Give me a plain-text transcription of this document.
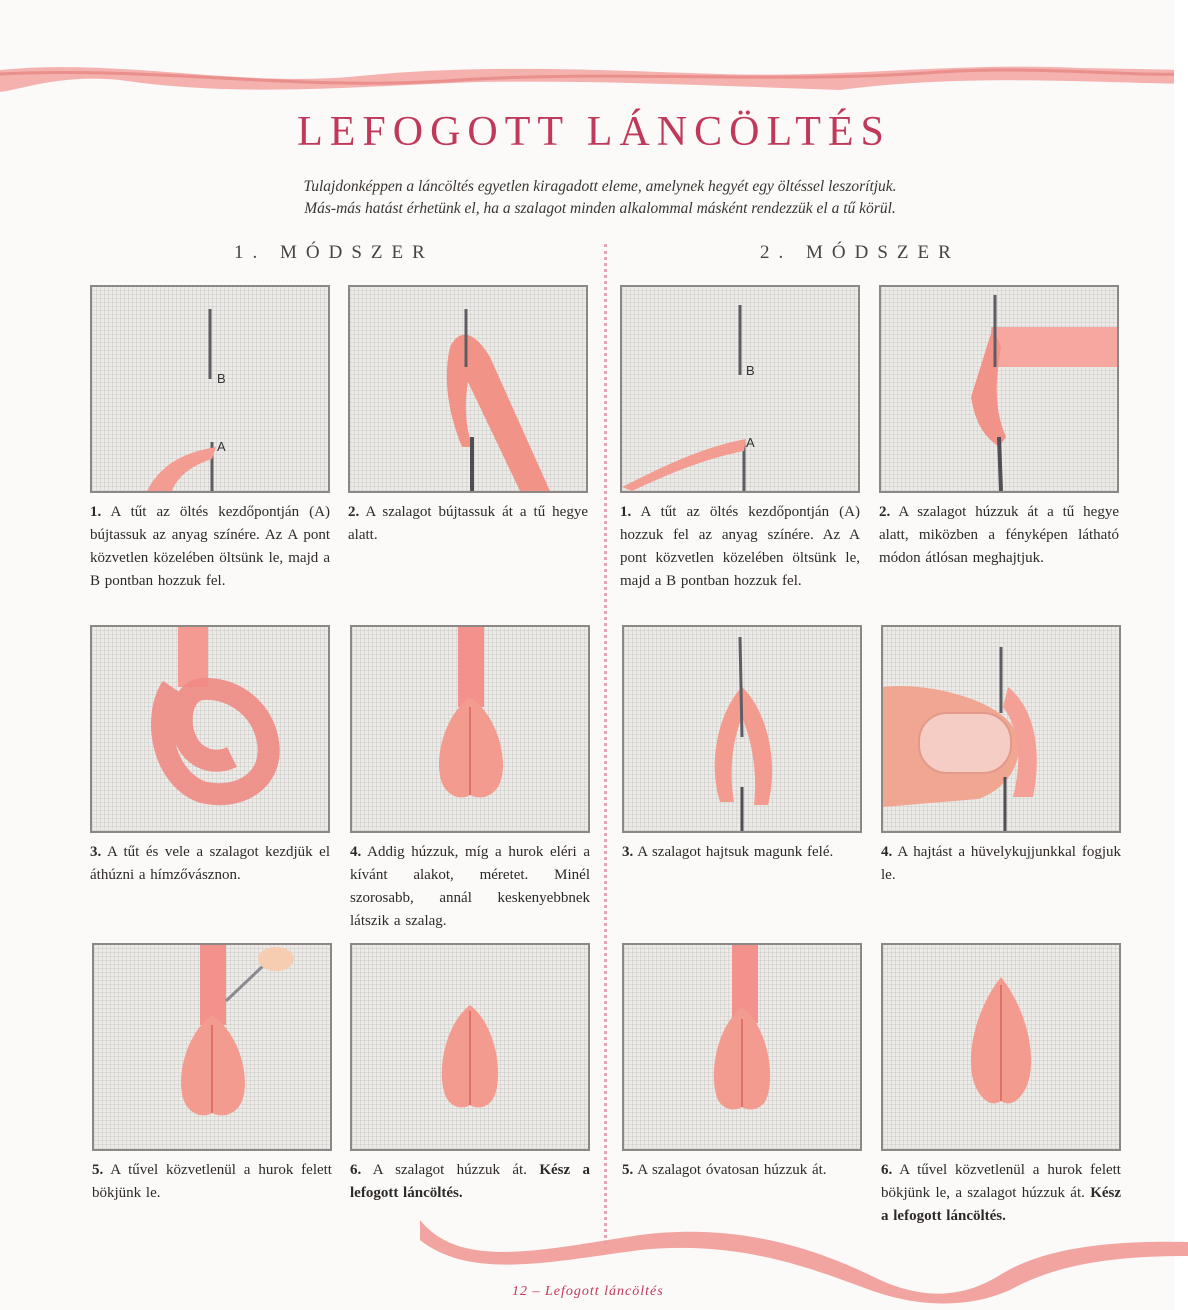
LEFOGOTT LÁNCÖLTÉS
Tulajdonképpen a láncöltés egyetlen kiragadott eleme, amelynek hegyét egy öltéssel leszorítjuk.
Más-más hatást érhetünk el, ha a szalagot minden alkalommal másként rendezzük el a tű körül.
1. MÓDSZER	2. MÓDSZER
B
A
1. A tűt az öltés kezdőpontján (A) bújtassuk az anyag színére. Az A pont közvetlen közelében öltsünk le, majd a B pontban hozzuk fel.
2. A szalagot bújtassuk át a tű hegye alatt.
3. A tűt és vele a szalagot kezdjük el áthúzni a hímzővásznon.
4. Addig húzzuk, míg a hurok eléri a kívánt alakot, méretet. Minél szorosabb, annál keskenyebbnek látszik a szalag.
5. A tűvel közvetlenül a hurok felett bökjünk le.
6. A szalagot húzzuk át. Kész a lefogott láncöltés.
B
A
1. A tűt az öltés kezdőpontján (A) hozzuk fel az anyag színére. Az A pont közvetlen közelében öltsünk le, majd a B pontban hozzuk fel.
2. A szalagot húzzuk át a tű hegye alatt, miközben a fényképen látható módon átlósan meghajtjuk.
3. A szalagot hajtsuk magunk felé.	4. A hajtást a hüvelykujjunkkal fogjuk le.
5. A szalagot óvatosan húzzuk át.	6. A tűvel közvetlenül a hurok felett bökjünk le, a szalagot húzzuk át. Kész a lefogott láncöltés.
12 – Lefogott láncöltés
